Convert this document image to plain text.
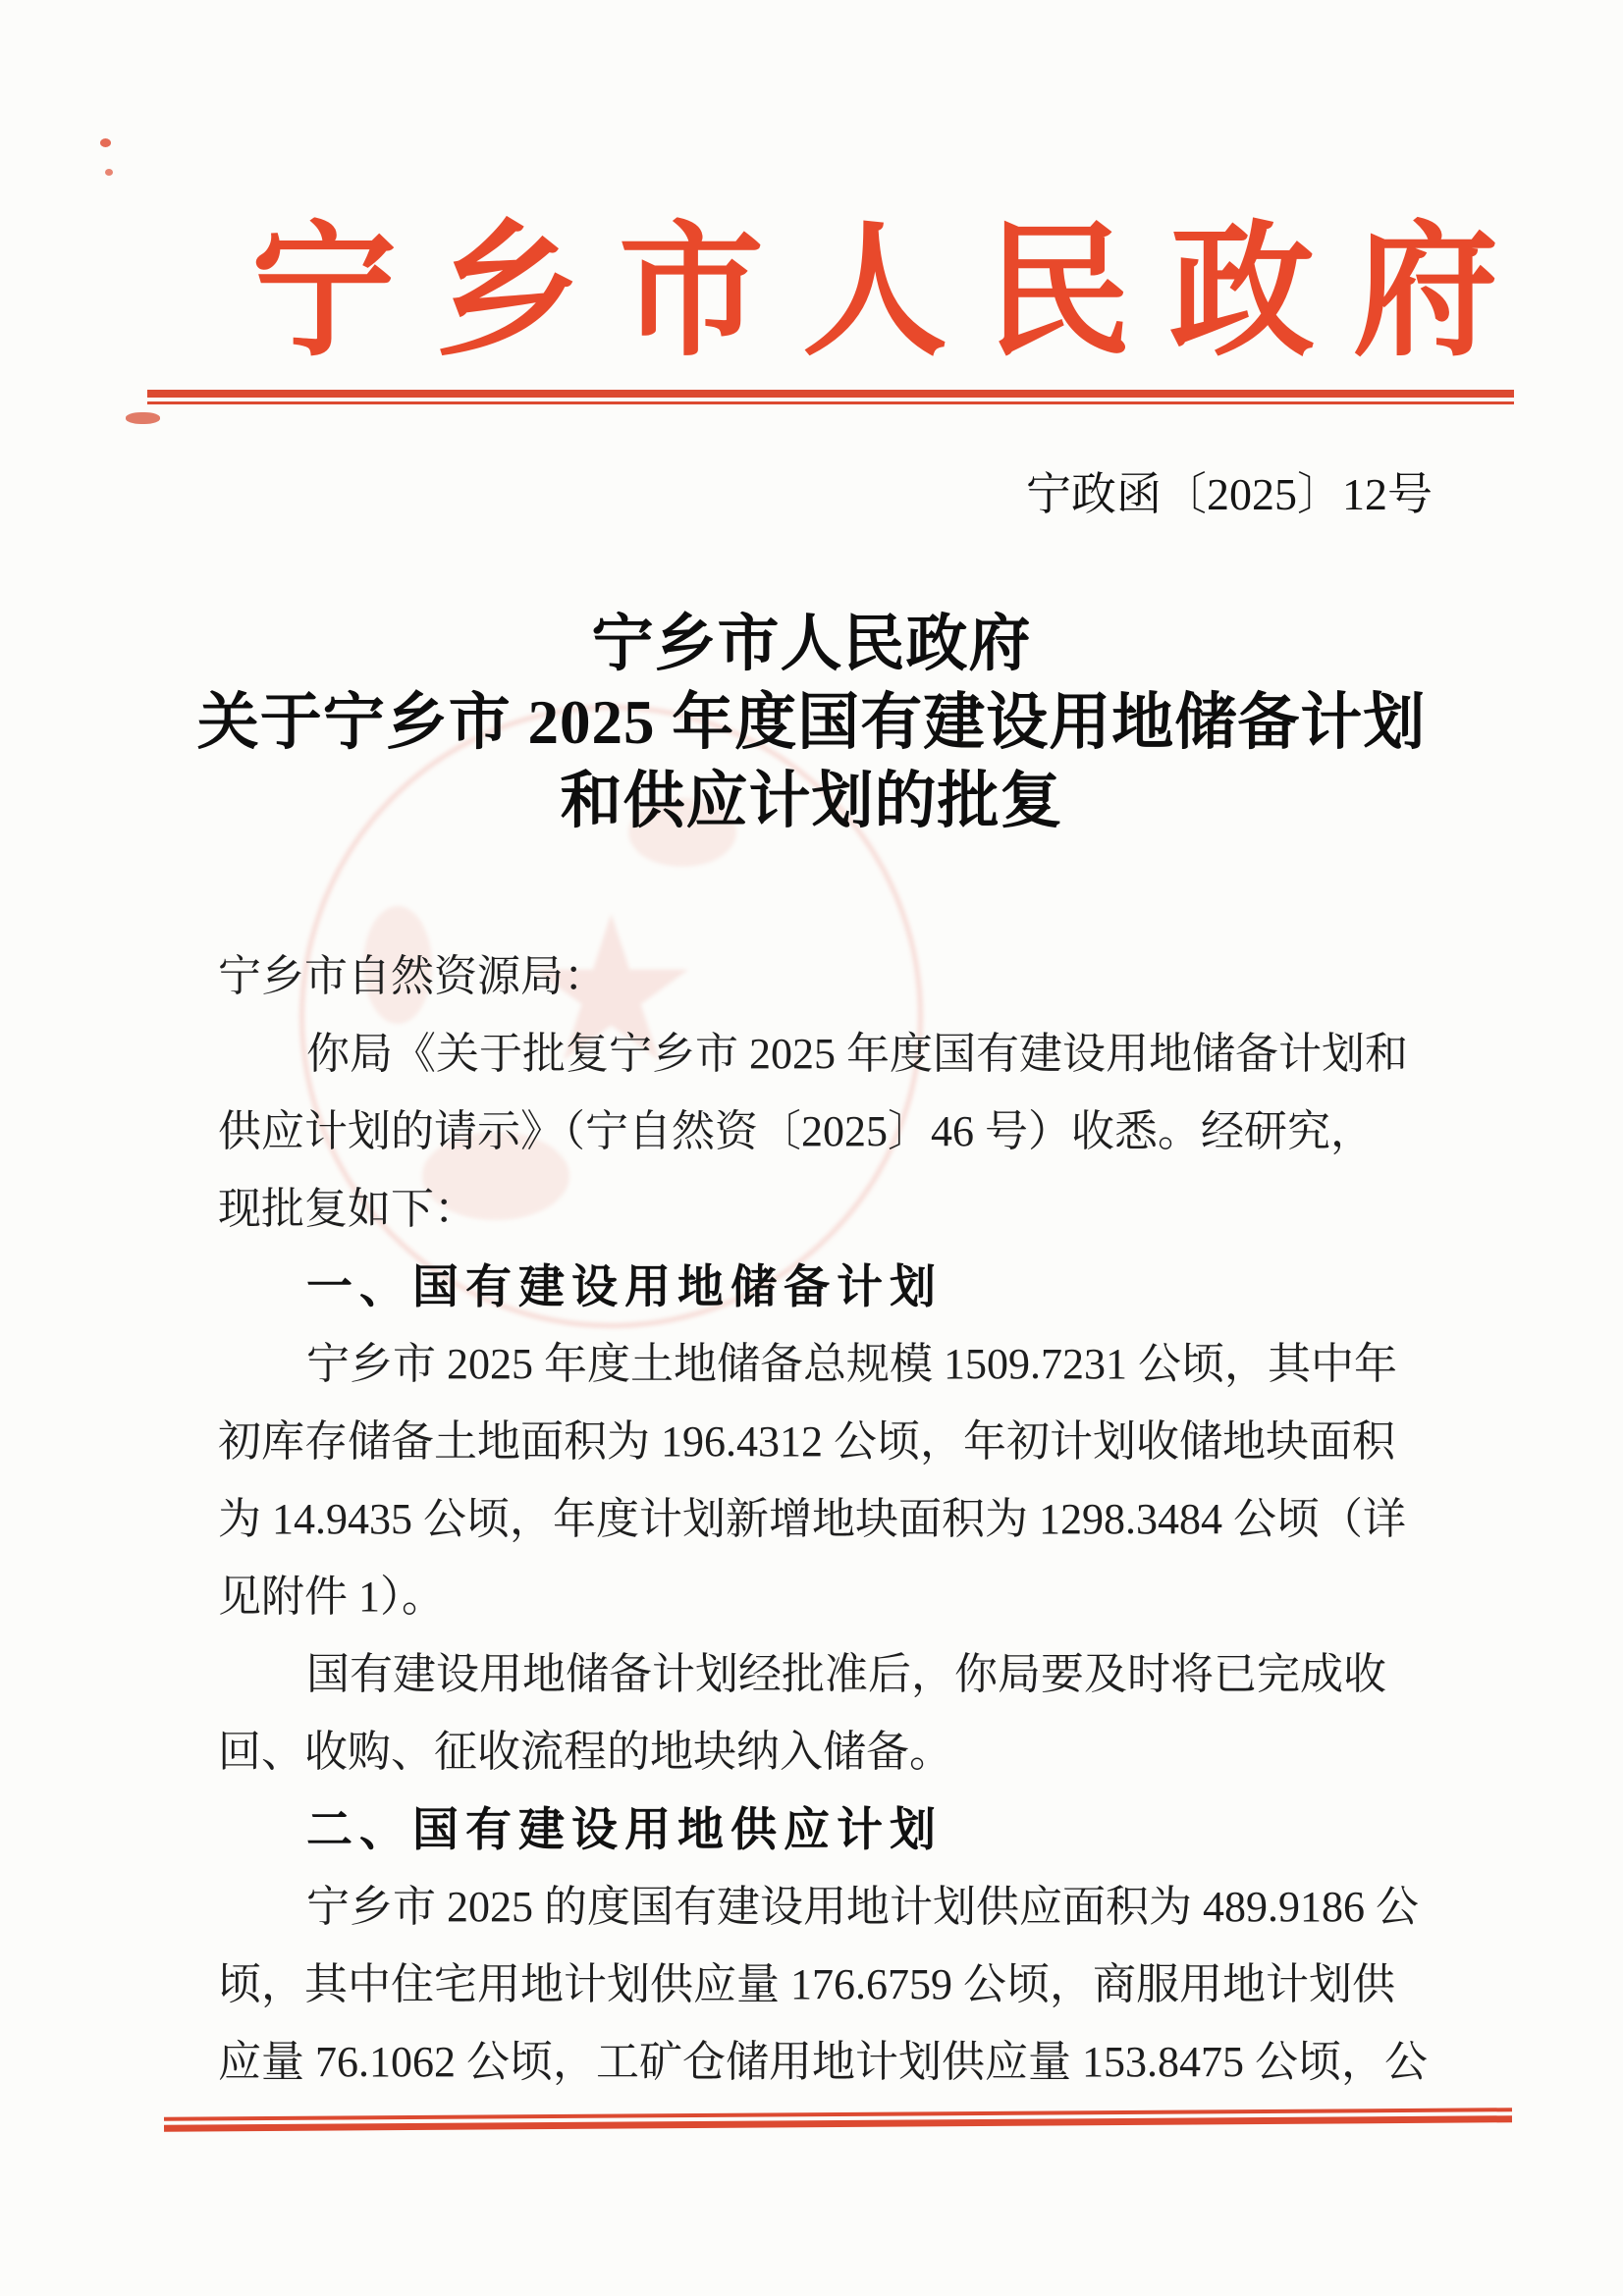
★
宁乡市人民政府
宁政函〔2025〕12号
宁乡市人民政府
关于宁乡市 2025 年度国有建设用地储备计划
和供应计划的批复
宁乡市自然资源局：
你局《关于批复宁乡市 2025 年度国有建设用地储备计划和
供应计划的请示》（宁自然资〔2025〕46 号）收悉。经研究，
现批复如下：
一、国有建设用地储备计划
宁乡市 2025 年度土地储备总规模 1509.7231 公顷，其中年
初库存储备土地面积为 196.4312 公顷，年初计划收储地块面积
为 14.9435 公顷，年度计划新增地块面积为 1298.3484 公顷（详
见附件 1）。
国有建设用地储备计划经批准后，你局要及时将已完成收
回、收购、征收流程的地块纳入储备。
二、国有建设用地供应计划
宁乡市 2025 的度国有建设用地计划供应面积为 489.9186 公
顷，其中住宅用地计划供应量 176.6759 公顷，商服用地计划供
应量 76.1062 公顷，工矿仓储用地计划供应量 153.8475 公顷，公
